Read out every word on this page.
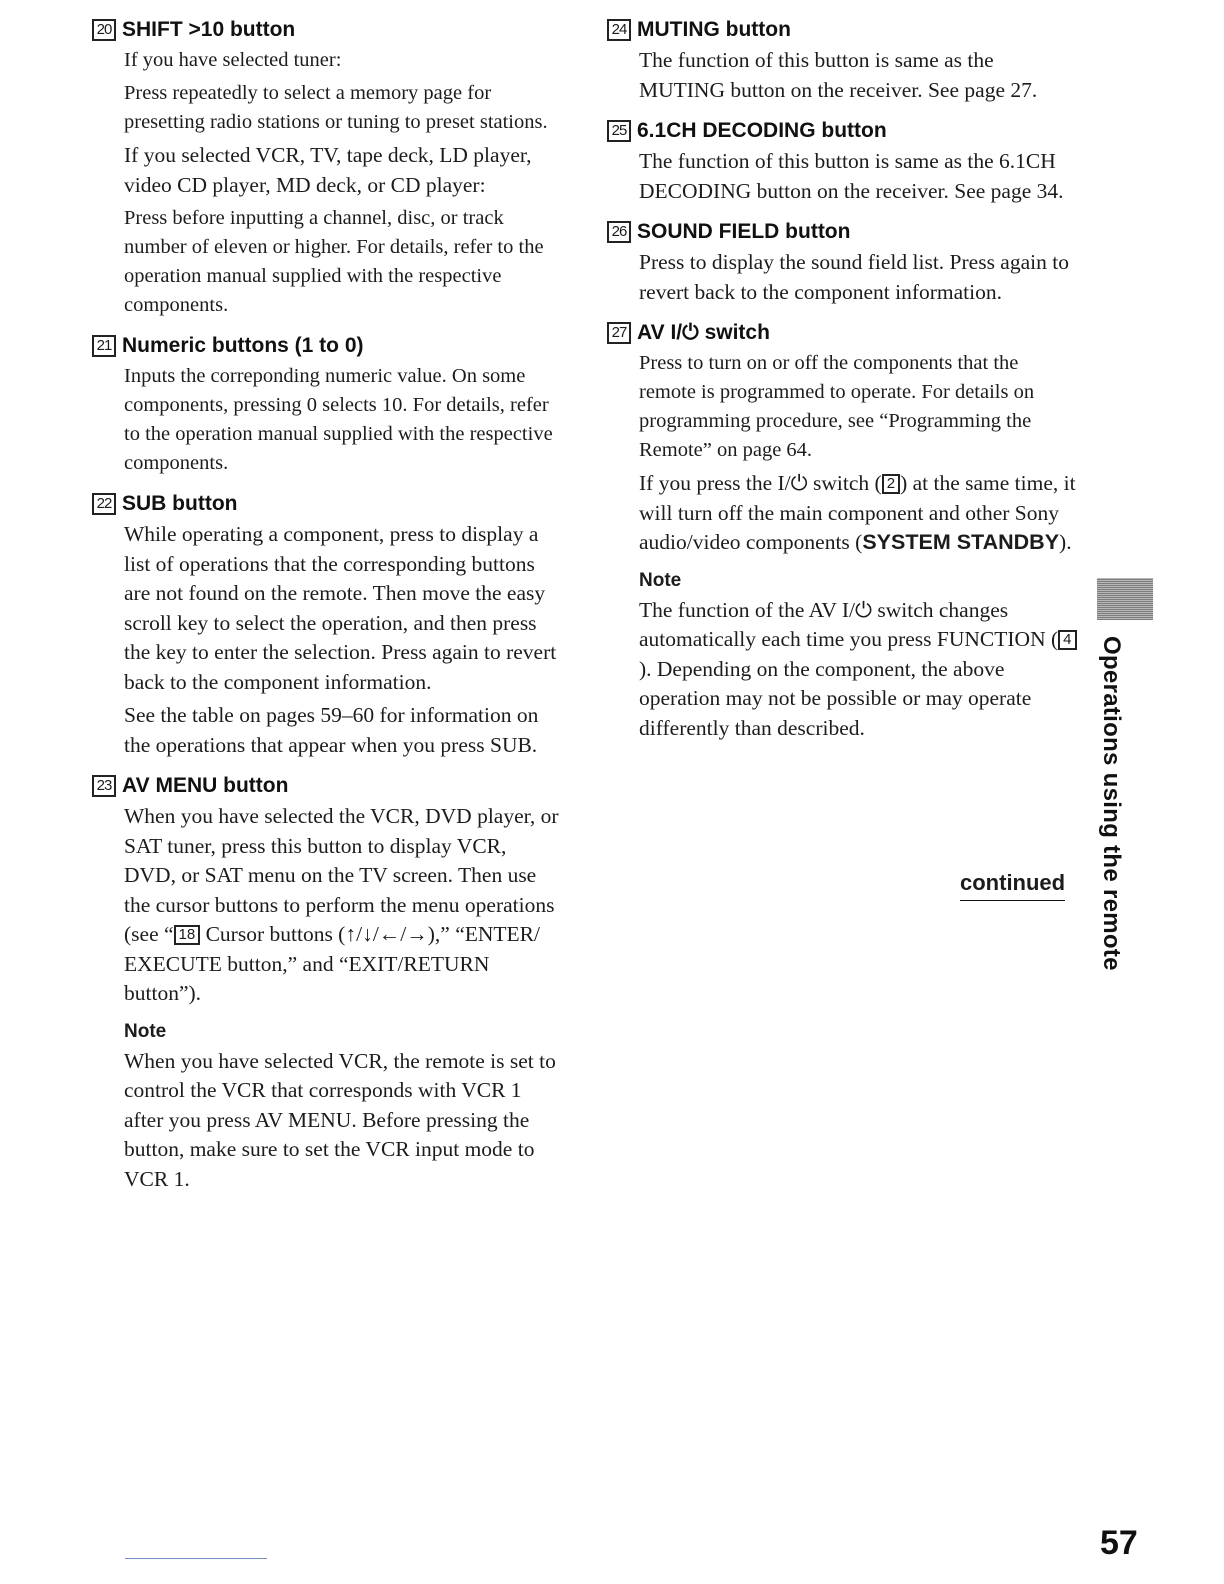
20 SHIFT >10 button

If you have selected tuner:

Press repeatedly to select a memory page for presetting radio stations or tuning to preset stations.

If you selected VCR, TV, tape deck, LD player, video CD player, MD deck, or CD player:

Press before inputting a channel, disc, or track number of eleven or higher. For details, refer to the operation manual supplied with the respective components.

21 Numeric buttons (1 to 0)

Inputs the correponding numeric value. On some components, pressing 0 selects 10. For details, refer to the operation manual supplied with the respective components.

22 SUB button

While operating a component, press to display a list of operations that the corresponding buttons are not found on the remote. Then move the easy scroll key to select the operation, and then press the key to enter the selection. Press again to revert back to the component information.

See the table on pages 59–60 for information on the operations that appear when you press SUB.

23 AV MENU button

When you have selected the VCR, DVD player, or SAT tuner, press this button to display VCR, DVD, or SAT menu on the TV screen. Then use the cursor buttons to perform the menu operations (see “ 18 Cursor buttons (↑/↓/←/→),” “ENTER/ EXECUTE button,” and “EXIT/RETURN button”).

Note

When you have selected VCR, the remote is set to control the VCR that corresponds with VCR 1 after you press AV MENU. Before pressing the button, make sure to set the VCR input mode to VCR 1.

24 MUTING button

The function of this button is same as the MUTING button on the receiver. See page 27.

25 6.1CH DECODING button

The function of this button is same as the 6.1CH DECODING button on the receiver. See page 34.

26 SOUND FIELD button

Press to display the sound field list. Press again to revert back to the component information.

27 AV I/⏻ switch

Press to turn on or off the components that the remote is programmed to operate. For details on programming procedure, see “Programming the Remote” on page 64.

If you press the I/⏻ switch ( 2 ) at the same time, it will turn off the main component and other Sony audio/video components (SYSTEM STANDBY).

Note

The function of the AV I/⏻ switch changes automatically each time you press FUNCTION ( 4). Depending on the component, the above operation may not be possible or may operate differently than described.

continued Operations using the remote
57
